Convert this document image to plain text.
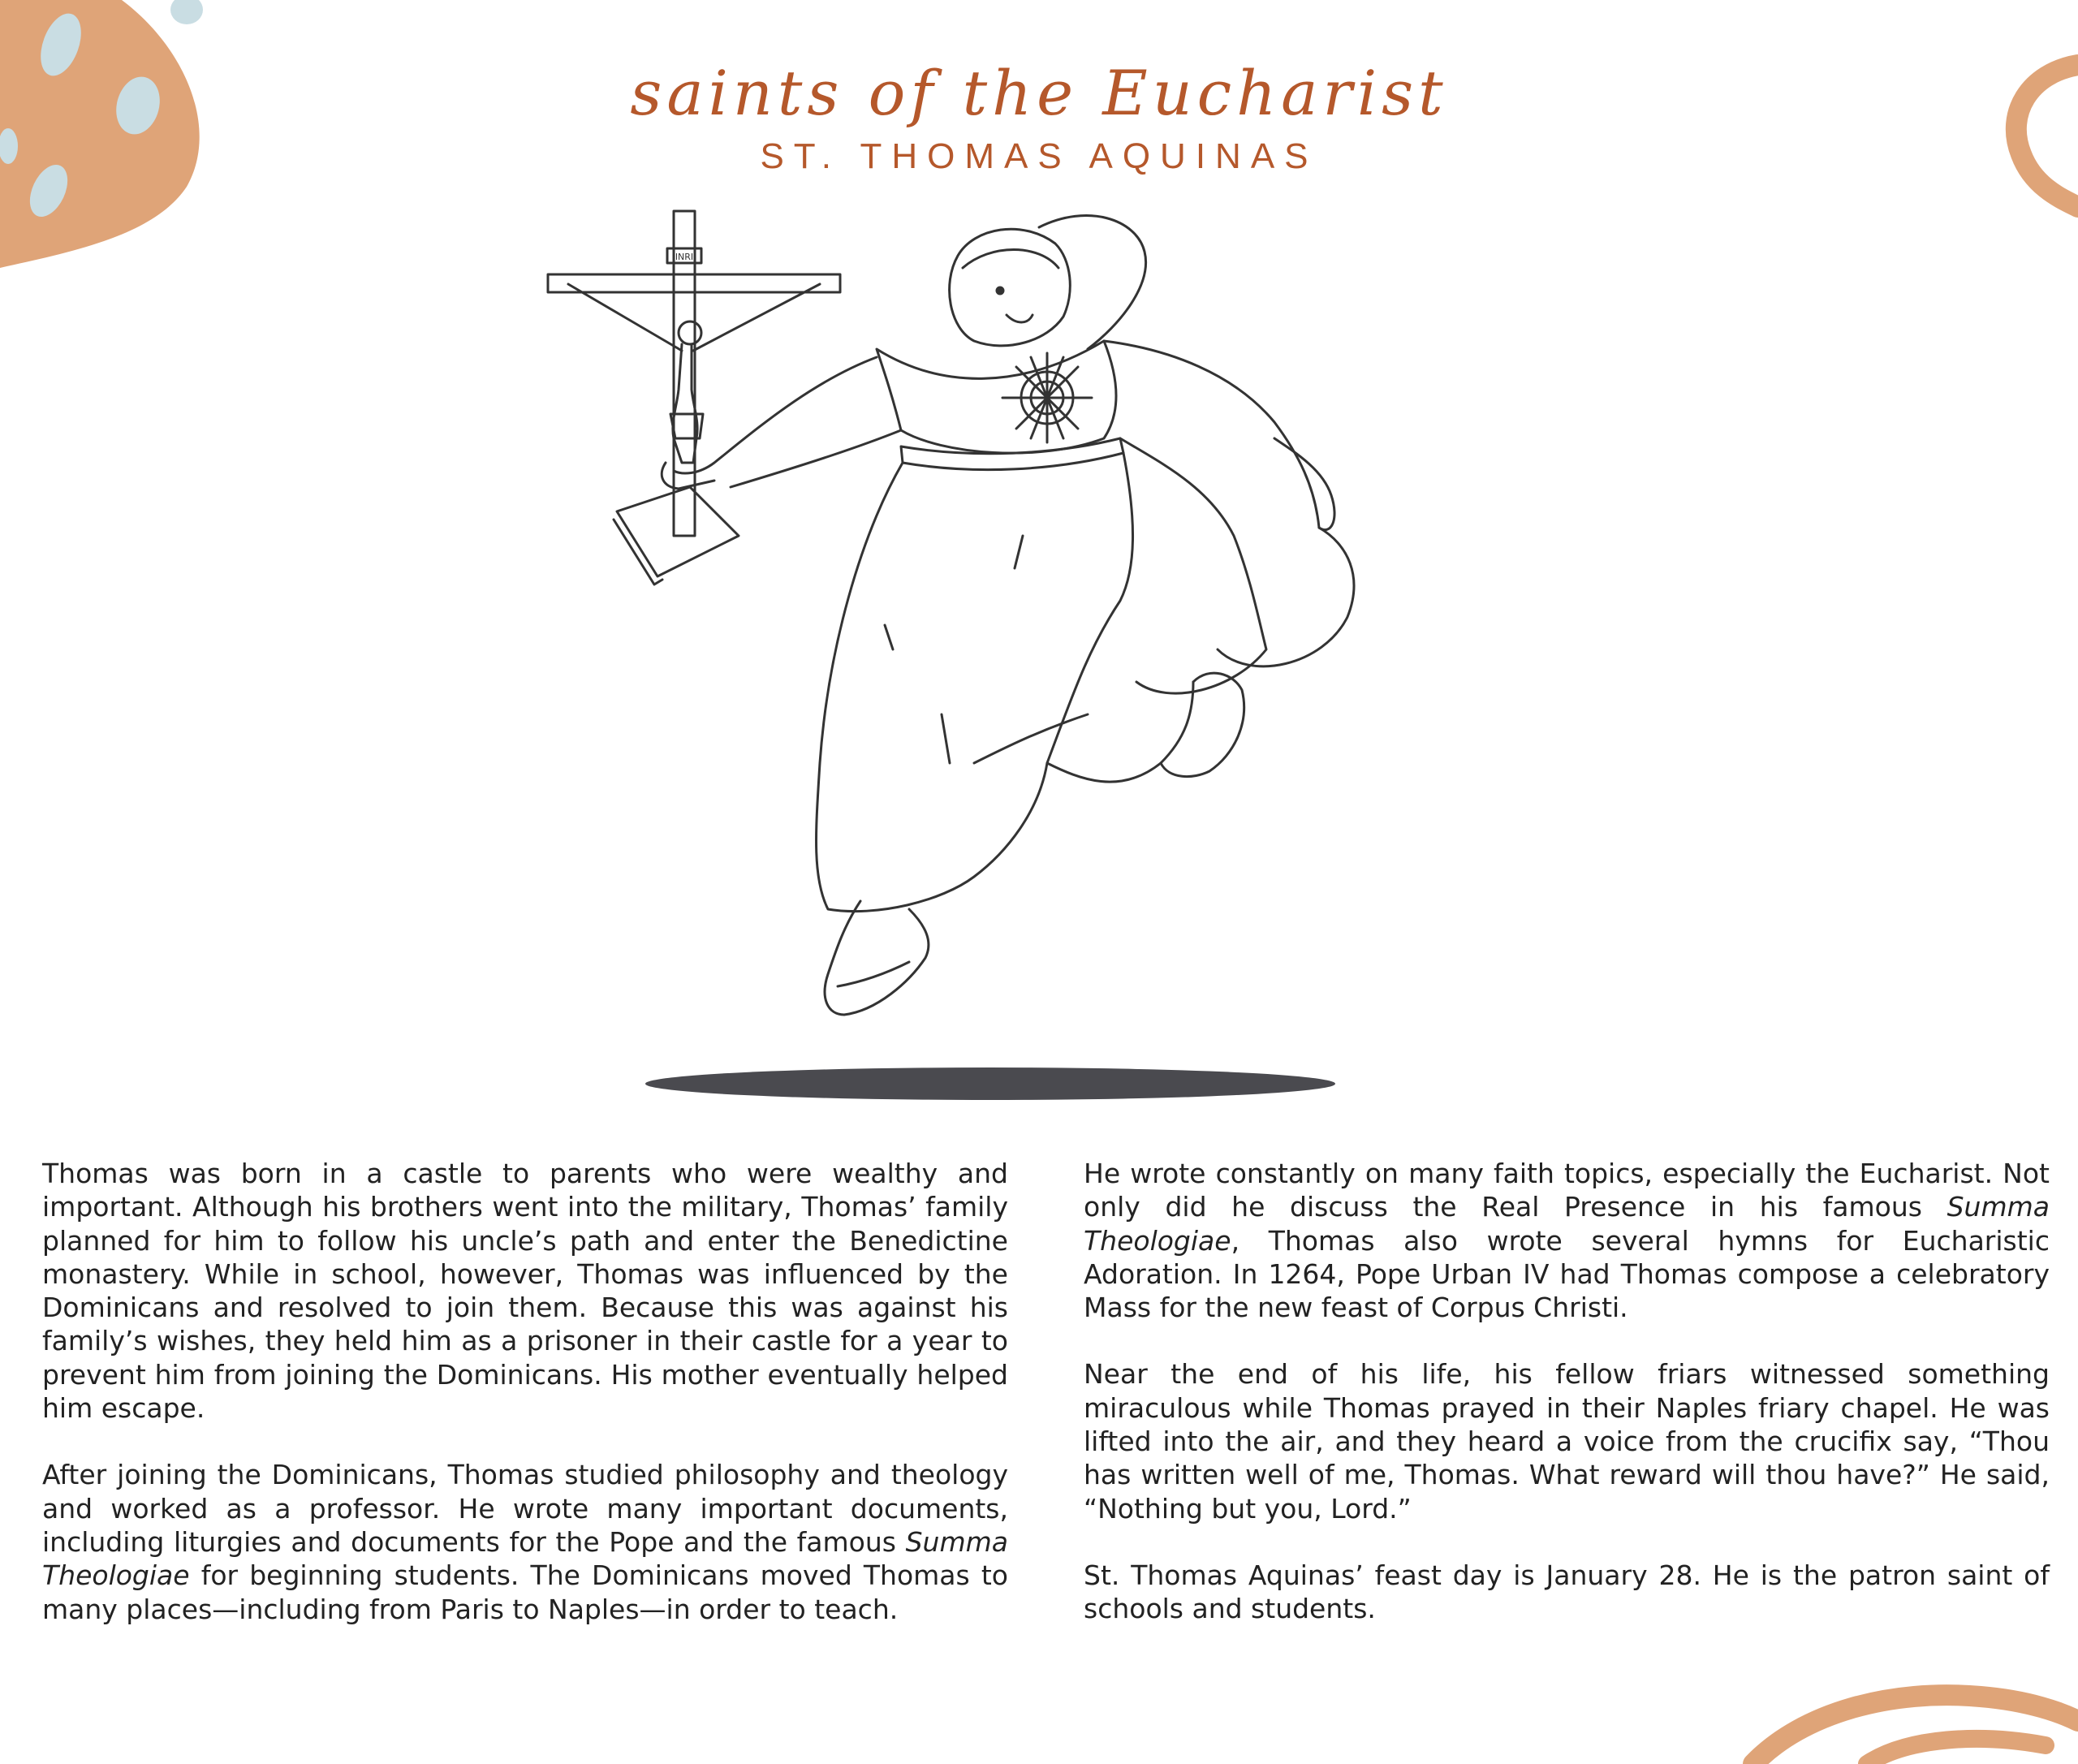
saints of the Eucharist
ST. THOMAS AQUINAS
INRI

Thomas was born in a castle to parents who were wealthy and important. Although his brothers went into the military, Thomas’ family planned for him to follow his uncle’s path and enter the Benedictine monastery. While in school, however, Thomas was influenced by the Dominicans and resolved to join them. Because this was against his family’s wishes, they held him as a prisoner in their castle for a year to prevent him from joining the Dominicans. His mother eventually helped him escape.

After joining the Dominicans, Thomas studied philosophy and theology and worked as a professor. He wrote many important documents, including liturgies and documents for the Pope and the famous Summa Theologiae for beginning students. The Dominicans moved Thomas to many places—including from Paris to Naples—in order to teach.

He wrote constantly on many faith topics, especially the Eucharist. Not only did he discuss the Real Presence in his famous Summa Theologiae, Thomas also wrote several hymns for Eucharistic Adoration. In 1264, Pope Urban IV had Thomas compose a celebratory Mass for the new feast of Corpus Christi.

Near the end of his life, his fellow friars witnessed something miraculous while Thomas prayed in their Naples friary chapel. He was lifted into the air, and they heard a voice from the crucifix say, “Thou has written well of me, Thomas. What reward will thou have?” He said, “Nothing but you, Lord.”

St. Thomas Aquinas’ feast day is January 28. He is the patron saint of schools and students.
